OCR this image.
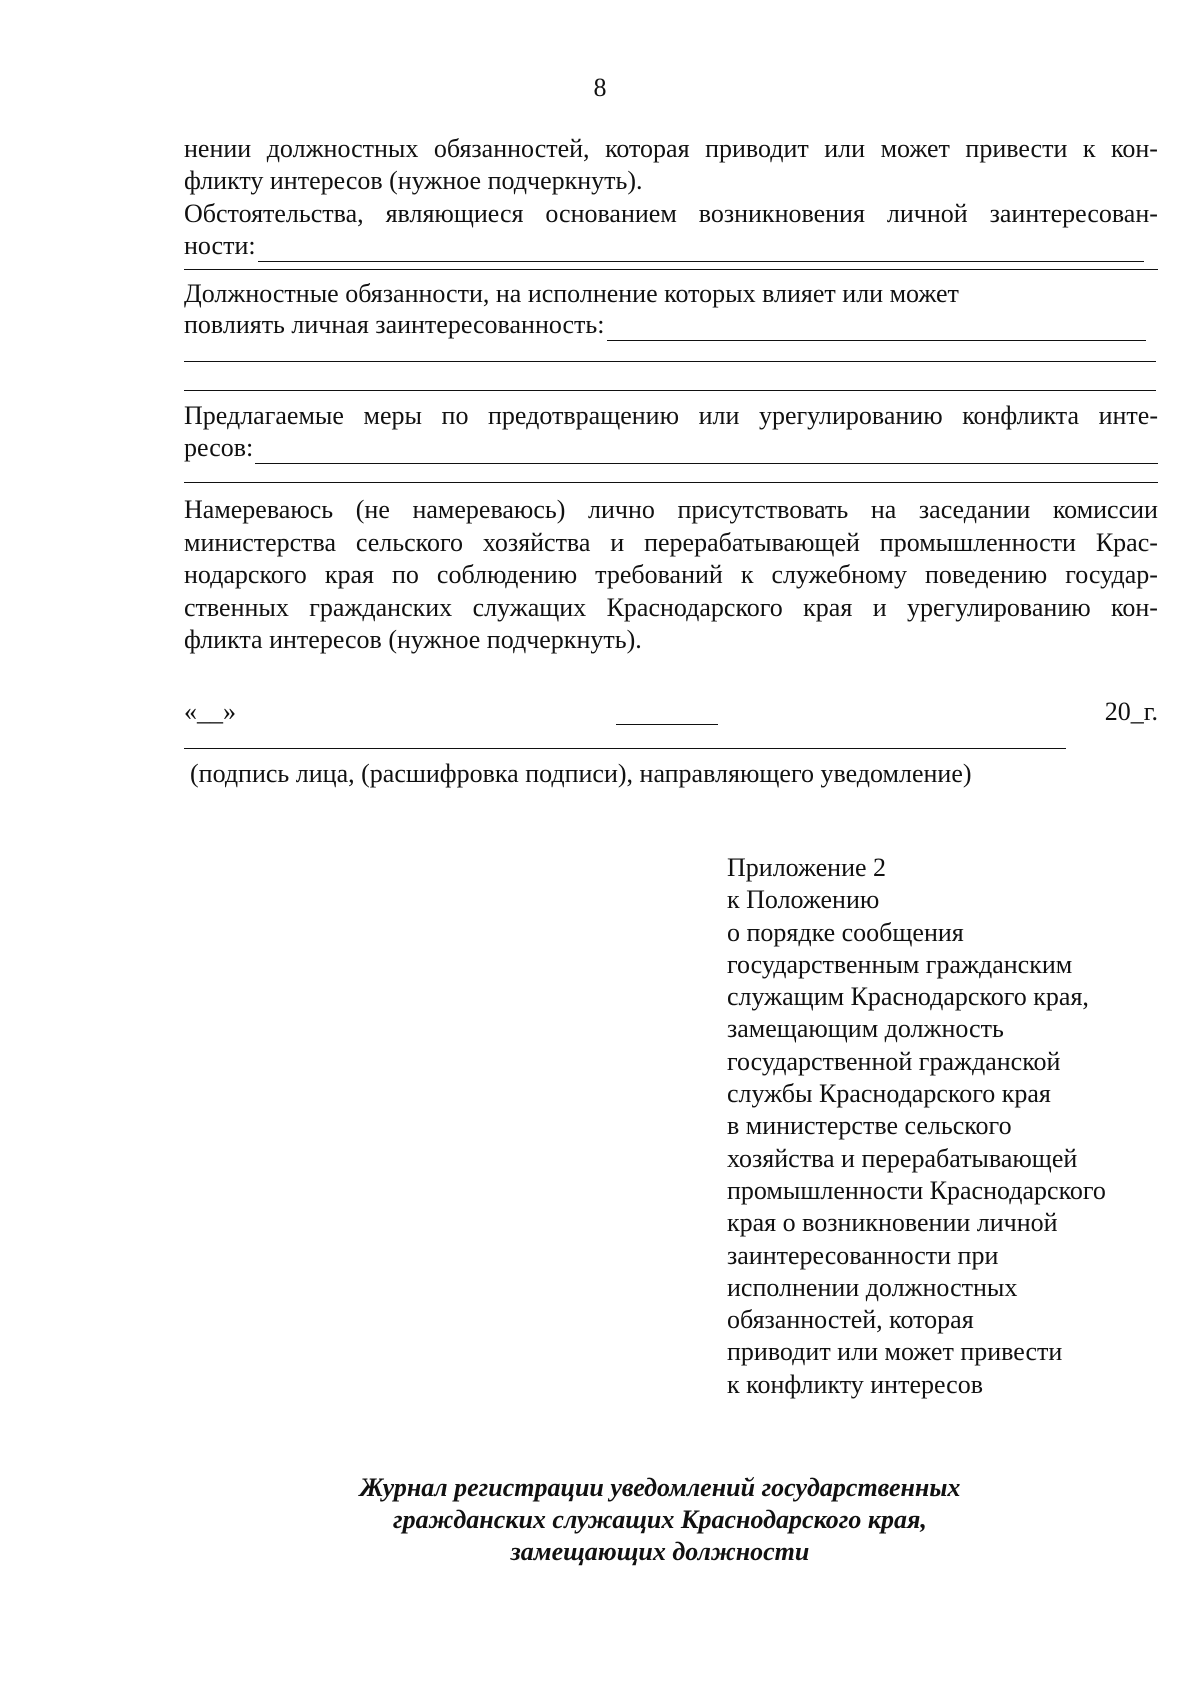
8
нении должностных обязанностей, которая приводит или может привести к кон-
фликту интересов (нужное подчеркнуть).
Обстоятельства, являющиеся основанием возникновения личной заинтересован-
ности:
Должностные обязанности, на исполнение которых влияет или может
повлиять личная заинтересованность:
Предлагаемые меры по предотвращению или урегулированию конфликта инте-
ресов:
Намереваюсь (не намереваюсь) лично присутствовать на заседании комиссии
министерства сельского хозяйства и перерабатывающей промышленности Крас-
нодарского края по соблюдению требований к служебному поведению государ-
ственных гражданских служащих Краснодарского края и урегулированию кон-
фликта интересов (нужное подчеркнуть).
«__»	20_г.
(подпись лица, (расшифровка подписи), направляющего уведомление)
Приложение 2
к Положению
о порядке сообщения
государственным гражданским
служащим Краснодарского края,
замещающим должность
государственной гражданской
службы Краснодарского края
в министерстве сельского
хозяйства и перерабатывающей
промышленности Краснодарского
края о возникновении личной
заинтересованности при
исполнении должностных
обязанностей, которая
приводит или может привести
к конфликту интересов
Журнал регистрации уведомлений государственных
гражданских служащих Краснодарского края,
замещающих должности
